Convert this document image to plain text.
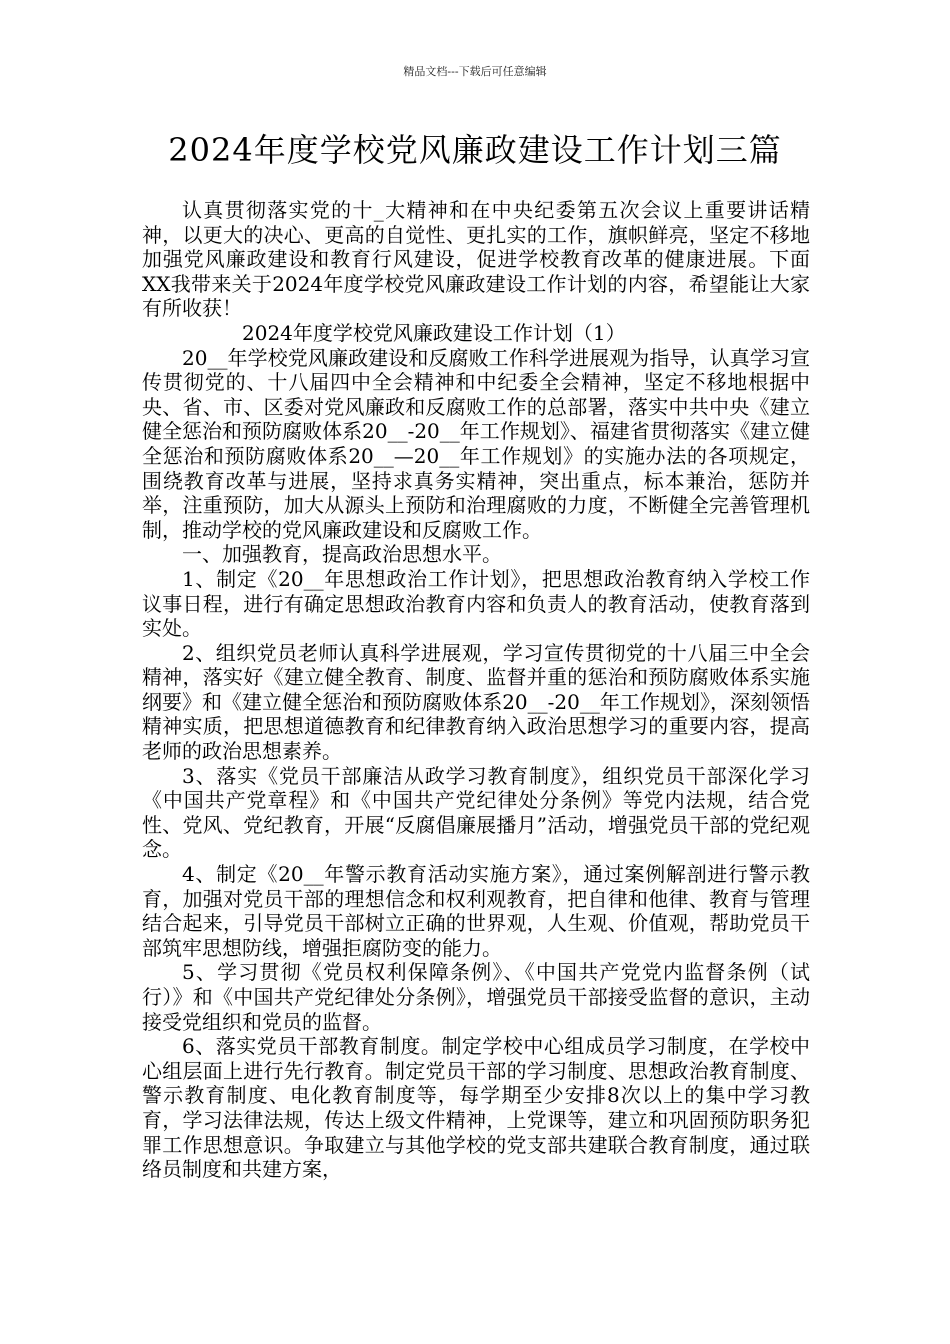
精品文档---下载后可任意编辑
2024年度学校党风廉政建设工作计划三篇

认真贯彻落实党的十_大精神和在中央纪委第五次会议上重要讲话精神，以更大的决心、更高的自觉性、更扎实的工作，旗帜鲜亮，坚定不移地加强党风廉政建设和教育行风建设，促进学校教育改革的健康进展。下面XX我带来关于2024年度学校党风廉政建设工作计划的内容，希望能让大家有所收获！

2024年度学校党风廉政建设工作计划（1）

20__年学校党风廉政建设和反腐败工作科学进展观为指导，认真学习宣传贯彻党的、十八届四中全会精神和中纪委全会精神，坚定不移地根据中央、省、市、区委对党风廉政和反腐败工作的总部署，落实中共中央《建立健全惩治和预防腐败体系20__-20__年工作规划》、福建省贯彻落实《建立健全惩治和预防腐败体系20__—20__年工作规划》的实施办法的各项规定，围绕教育改革与进展，坚持求真务实精神，突出重点，标本兼治，惩防并举，注重预防，加大从源头上预防和治理腐败的力度，不断健全完善管理机制，推动学校的党风廉政建设和反腐败工作。

一、加强教育，提高政治思想水平。

1、制定《20__年思想政治工作计划》，把思想政治教育纳入学校工作议事日程，进行有确定思想政治教育内容和负责人的教育活动，使教育落到实处。

2、组织党员老师认真科学进展观，学习宣传贯彻党的十八届三中全会精神，落实好《建立健全教育、制度、监督并重的惩治和预防腐败体系实施纲要》和《建立健全惩治和预防腐败体系20__-20__年工作规划》，深刻领悟精神实质，把思想道德教育和纪律教育纳入政治思想学习的重要内容，提高老师的政治思想素养。

3、落实《党员干部廉洁从政学习教育制度》，组织党员干部深化学习《中国共产党章程》和《中国共产党纪律处分条例》等党内法规，结合党性、党风、党纪教育，开展“反腐倡廉展播月”活动，增强党员干部的党纪观念。

4、制定《20__年警示教育活动实施方案》，通过案例解剖进行警示教育，加强对党员干部的理想信念和权利观教育，把自律和他律、教育与管理结合起来，引导党员干部树立正确的世界观，人生观、价值观，帮助党员干部筑牢思想防线，增强拒腐防变的能力。

5、学习贯彻《党员权利保障条例》、《中国共产党党内监督条例（试行）》和《中国共产党纪律处分条例》，增强党员干部接受监督的意识，主动接受党组织和党员的监督。

6、落实党员干部教育制度。制定学校中心组成员学习制度，在学校中心组层面上进行先行教育。制定党员干部的学习制度、思想政治教育制度、警示教育制度、电化教育制度等，每学期至少安排8次以上的集中学习教育，学习法律法规，传达上级文件精神，上党课等，建立和巩固预防职务犯罪工作思想意识。争取建立与其他学校的党支部共建联合教育制度，通过联络员制度和共建方案，
